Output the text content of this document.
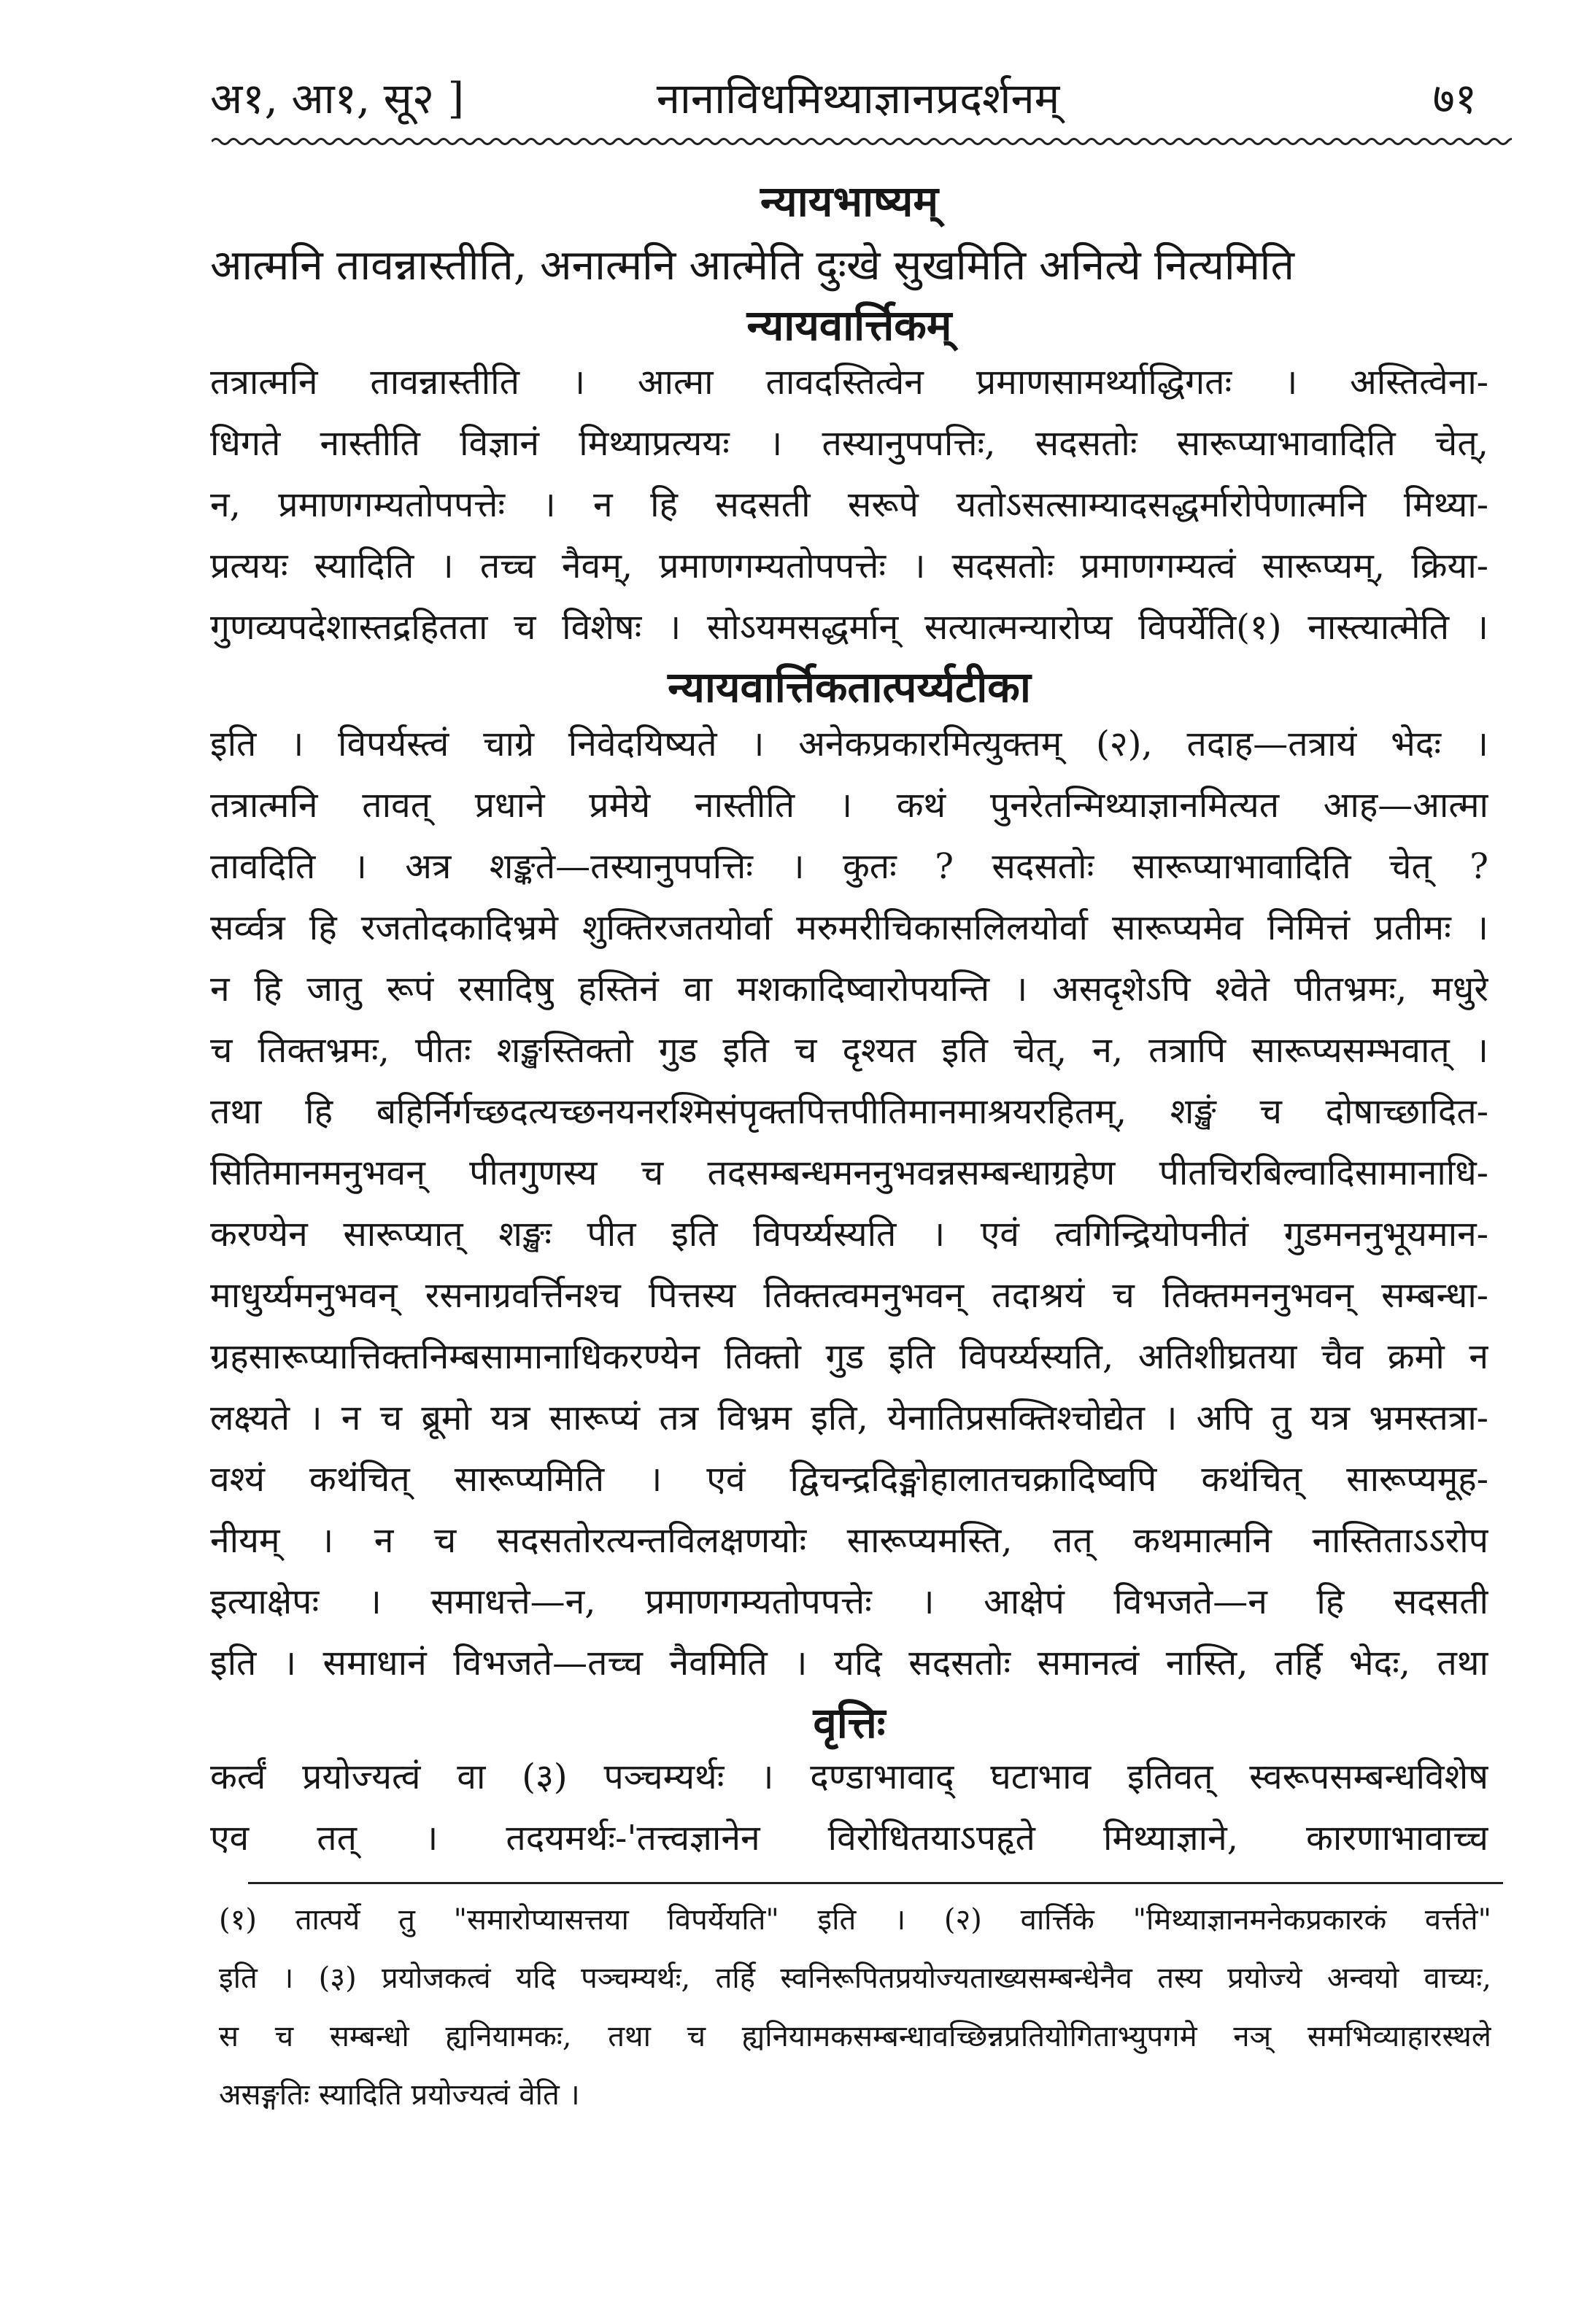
अ१, आ१, सू२ ]	नानाविधमिथ्याज्ञानप्रदर्शनम्	७१

न्यायभाष्यम्

आत्मनि तावन्नास्तीति, अनात्मनि आत्मेति दुःखे सुखमिति अनित्ये नित्यमिति

न्यायवार्त्तिकम्

तत्रात्मनि तावन्नास्तीति । आत्मा तावदस्तित्वेन प्रमाणसामर्थ्याद्धिगतः । अस्तित्वेना-

धिगते नास्तीति विज्ञानं मिथ्याप्रत्ययः । तस्यानुपपत्तिः, सदसतोः सारूप्याभावादिति चेत्,

न, प्रमाणगम्यतोपपत्तेः । न हि सदसती सरूपे यतोऽसत्साम्यादसद्धर्मारोपेणात्मनि मिथ्या-

प्रत्ययः स्यादिति । तच्च नैवम्, प्रमाणगम्यतोपपत्तेः । सदसतोः प्रमाणगम्यत्वं सारूप्यम्, क्रिया-

गुणव्यपदेशास्तद्रहितता च विशेषः । सोऽयमसद्धर्मान् सत्यात्मन्यारोप्य विपर्येति(१) नास्त्यात्मेति ।

न्यायवार्त्तिकतात्पर्य्यटीका

इति । विपर्यस्त्वं चाग्रे निवेदयिष्यते । अनेकप्रकारमित्युक्तम् (२), तदाह—तत्रायं भेदः ।

तत्रात्मनि तावत् प्रधाने प्रमेये नास्तीति । कथं पुनरेतन्मिथ्याज्ञानमित्यत आह—आत्मा

तावदिति । अत्र शङ्कते—तस्यानुपपत्तिः । कुतः ? सदसतोः सारूप्याभावादिति चेत् ?

सर्व्वत्र हि रजतोदकादिभ्रमे शुक्तिरजतयोर्वा मरुमरीचिकासलिलयोर्वा सारूप्यमेव निमित्तं प्रतीमः ।

न हि जातु रूपं रसादिषु हस्तिनं वा मशकादिष्वारोपयन्ति । असदृशेऽपि श्वेते पीतभ्रमः, मधुरे

च तिक्तभ्रमः, पीतः शङ्खस्तिक्तो गुड इति च दृश्यत इति चेत्, न, तत्रापि सारूप्यसम्भवात् ।

तथा हि बहिर्निर्गच्छदत्यच्छनयनरश्मिसंपृक्तपित्तपीतिमानमाश्रयरहितम्, शङ्खं च दोषाच्छादित-

सितिमानमनुभवन् पीतगुणस्य च तदसम्बन्धमननुभवन्नसम्बन्धाग्रहेण पीतचिरबिल्वादिसामानाधि-

करण्येन सारूप्यात् शङ्खः पीत इति विपर्य्यस्यति । एवं त्वगिन्द्रियोपनीतं गुडमननुभूयमान-

माधुर्य्यमनुभवन् रसनाग्रवर्त्तिनश्च पित्तस्य तिक्तत्वमनुभवन् तदाश्रयं च तिक्तमननुभवन् सम्बन्धा-

ग्रहसारूप्यात्तिक्तनिम्बसामानाधिकरण्येन तिक्तो गुड इति विपर्य्यस्यति, अतिशीघ्रतया चैव क्रमो न

लक्ष्यते । न च ब्रूमो यत्र सारूप्यं तत्र विभ्रम इति, येनातिप्रसक्तिश्चोद्येत । अपि तु यत्र भ्रमस्तत्रा-

वश्यं कथंचित् सारूप्यमिति । एवं द्विचन्द्रदिङ्मोहालातचक्रादिष्वपि कथंचित् सारूप्यमूह-

नीयम् । न च सदसतोरत्यन्तविलक्षणयोः सारूप्यमस्ति, तत् कथमात्मनि नास्तिताऽऽरोप

इत्याक्षेपः । समाधत्ते—न, प्रमाणगम्यतोपपत्तेः । आक्षेपं विभजते—न हि सदसती

इति । समाधानं विभजते—तच्च नैवमिति । यदि सदसतोः समानत्वं नास्ति, तर्हि भेदः, तथा

वृत्तिः

कर्त्वं प्रयोज्यत्वं वा (३) पञ्चम्यर्थः । दण्डाभावाद् घटाभाव इतिवत् स्वरूपसम्बन्धविशेष

एव तत् । तदयमर्थः-'तत्त्वज्ञानेन विरोधितयाऽपहृते मिथ्याज्ञाने, कारणाभावाच्च

(१) तात्पर्ये तु "समारोप्यासत्तया विपर्येयति" इति । (२) वार्त्तिके "मिथ्याज्ञानमनेकप्रकारकं वर्त्तते"

इति । (३) प्रयोजकत्वं यदि पञ्चम्यर्थः, तर्हि स्वनिरूपितप्रयोज्यताख्यसम्बन्धेनैव तस्य प्रयोज्ये अन्वयो वाच्यः,

स च सम्बन्धो ह्यनियामकः, तथा च ह्यनियामकसम्बन्धावच्छिन्नप्रतियोगिताभ्युपगमे नञ् समभिव्याहारस्थले

असङ्गतिः स्यादिति प्रयोज्यत्वं वेति ।
